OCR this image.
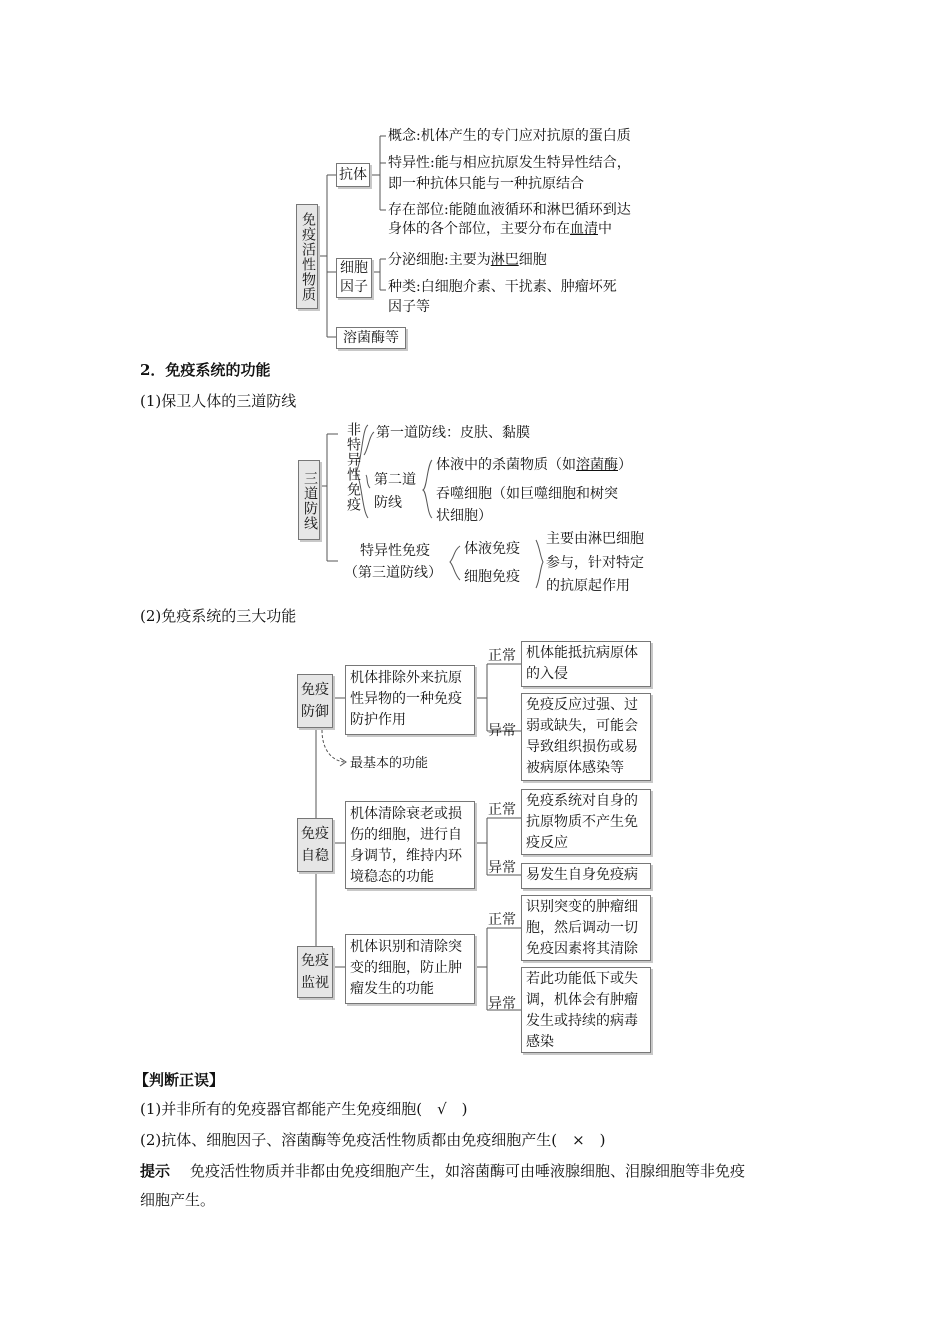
免疫活性物质
抗体
概念:机体产生的专门应对抗原的蛋白质
特异性:能与相应抗原发生特异性结合，
即一种抗体只能与一种抗原结合
存在部位:能随血液循环和淋巴循环到达
身体的各个部位，主要分布在血清中
细胞
因子
分泌细胞:主要为淋巴细胞
种类:白细胞介素、干扰素、肿瘤坏死
因子等
溶菌酶等
2．免疫系统的功能
(1)保卫人体的三道防线
三道防线 非特异性免疫 第一道防线：皮肤、黏膜
第二道
防线
体液中的杀菌物质（如溶菌酶）
吞噬细胞（如巨噬细胞和树突
状细胞）
特异性免疫
（第三道防线）
体液免疫
细胞免疫
主要由淋巴细胞
参与，针对特定
的抗原起作用
(2)免疫系统的三大功能
免疫
防御
机体排除外来抗原
性异物的一种免疫
防护作用
正常
异常
机体能抵抗病原体
的入侵
免疫反应过强、过
弱或缺失，可能会
导致组织损伤或易
被病原体感染等
最基本的功能
免疫
自稳
机体清除衰老或损
伤的细胞，进行自
身调节，维持内环
境稳态的功能
正常
异常
免疫系统对自身的
抗原物质不产生免
疫反应
易发生自身免疫病
免疫
监视
机体识别和清除突
变的细胞，防止肿
瘤发生的功能
正常
异常
识别突变的肿瘤细
胞，然后调动一切
免疫因素将其清除
若此功能低下或失
调，机体会有肿瘤
发生或持续的病毒
感染
【判断正误】
(1)并非所有的免疫器官都能产生免疫细胞(　√　)
(2)抗体、细胞因子、溶菌酶等免疫活性物质都由免疫细胞产生(　×　)
提示 免疫活性物质并非都由免疫细胞产生，如溶菌酶可由唾液腺细胞、泪腺细胞等非免疫
细胞产生。
